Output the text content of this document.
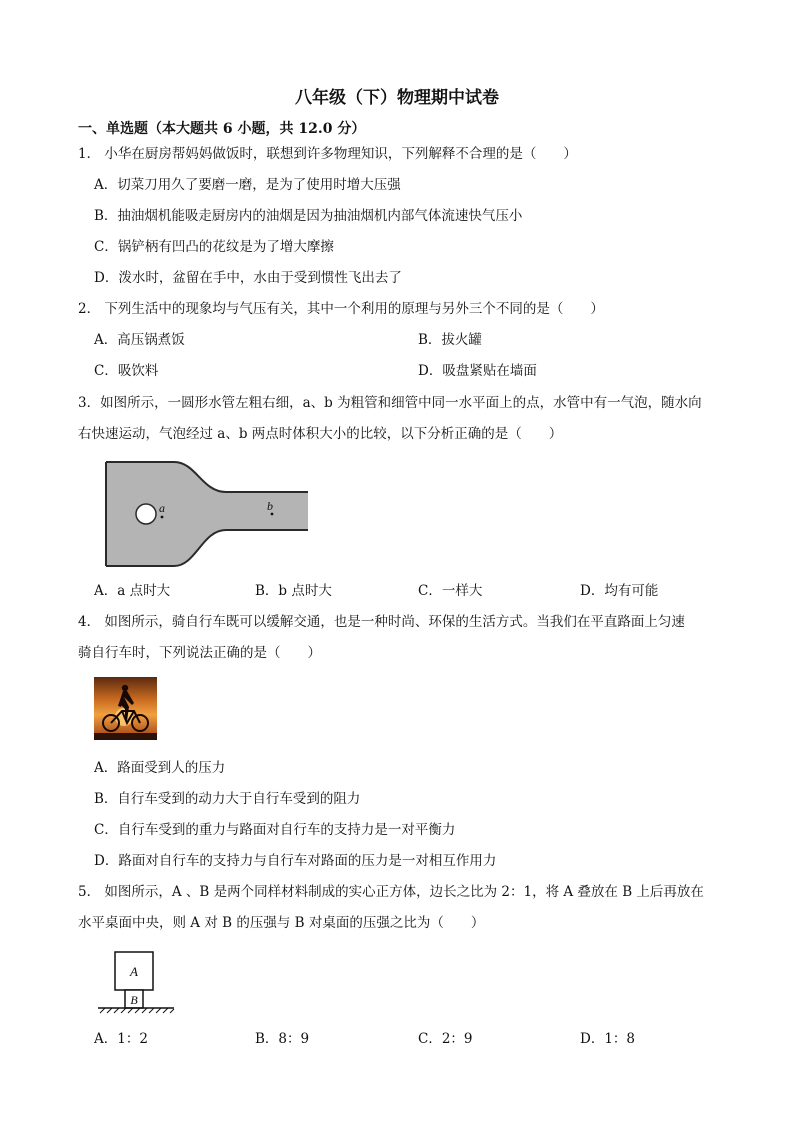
八年级（下）物理期中试卷
一、单选题（本大题共 6 小题，共 12.0 分）
1． 小华在厨房帮妈妈做饭时，联想到许多物理知识，下列解释不合理的是（　　）
A．切菜刀用久了要磨一磨，是为了使用时增大压强
B．抽油烟机能吸走厨房内的油烟是因为抽油烟机内部气体流速快气压小
C．锅铲柄有凹凸的花纹是为了增大摩擦
D．泼水时，盆留在手中，水由于受到惯性飞出去了
2． 下列生活中的现象均与气压有关，其中一个利用的原理与另外三个不同的是（　　）
A．高压锅煮饭	B．拔火罐
C．吸饮料	D．吸盘紧贴在墙面
3．如图所示，一圆形水管左粗右细，a、b 为粗管和细管中同一水平面上的点，水管中有一气泡，随水向
右快速运动，气泡经过 a、b 两点时体积大小的比较，以下分析正确的是（　　）
a	b
A．a 点时大	B．b 点时大	C．一样大	D．均有可能
4． 如图所示，骑自行车既可以缓解交通，也是一种时尚、环保的生活方式。当我们在平直路面上匀速
骑自行车时，下列说法正确的是（　　）
A．路面受到人的压力
B．自行车受到的动力大于自行车受到的阻力
C．自行车受到的重力与路面对自行车的支持力是一对平衡力
D．路面对自行车的支持力与自行车对路面的压力是一对相互作用力
5． 如图所示，A 、B 是两个同样材料制成的实心正方体，边长之比为 2：1，将 A 叠放在 B 上后再放在
水平桌面中央，则 A 对 B 的压强与 B 对桌面的压强之比为（　　）
A
B
A．1：2	B．8：9	C．2：9	D．1：8
